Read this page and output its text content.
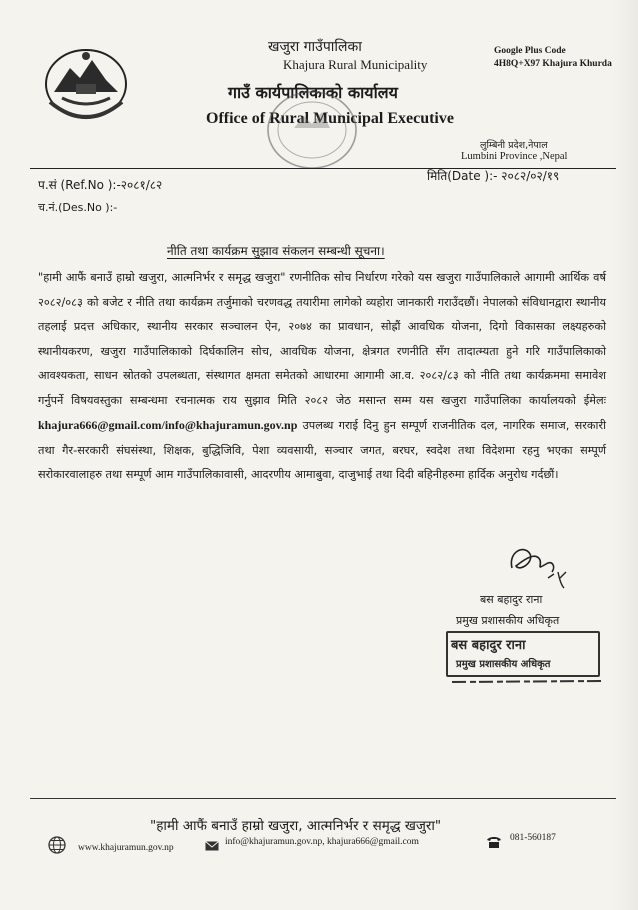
खजुरा गाउँपालिका
Khajura Rural Municipality
गाउँ कार्यपालिकाको कार्यालय
Office of Rural Municipal Executive
Google Plus Code
4H8Q+X97 Khajura Khurda
लुम्बिनी प्रदेश,नेपाल
Lumbini Province ,Nepal
प.सं (Ref.No ):-२०८१/८२
च.नं.(Des.No ):-
मिति(Date ):- २०८२/०२/१९
नीति तथा कार्यक्रम सुझाव संकलन सम्बन्धी सूचना।
"हामी आफैं बनाउँ हाम्रो खजुरा, आत्मनिर्भर र समृद्ध खजुरा" रणनीतिक सोच निर्धारण गरेको यस खजुरा गाउँपालिकाले आगामी आर्थिक वर्ष २०८२/०८३ को बजेट र नीति तथा कार्यक्रम तर्जुमाको चरणवद्ध तयारीमा लागेको व्यहोरा जानकारी गराउँदछौं। नेपालको संविधानद्वारा स्थानीय तहलाई प्रदत्त अधिकार, स्थानीय सरकार सञ्चालन ऐन, २०७४ का प्रावधान, सोह्रौं आवधिक योजना, दिगो विकासका लक्ष्यहरुको स्थानीयकरण, खजुरा गाउँपालिकाको दिर्घकालिन सोच, आवधिक योजना, क्षेत्रगत रणनीति सँग तादात्म्यता हुने गरि गाउँपालिकाको आवश्यकता, साधन स्रोतको उपलब्धता, संस्थागत क्षमता समेतको आधारमा आगामी आ.व. २०८२/८३ को नीति तथा कार्यक्रममा समावेश गर्नुपर्ने विषयवस्तुका सम्बन्धमा रचनात्मक राय सुझाव मिति २०८२ जेठ मसान्त सम्म यस खजुरा गाउँपालिका कार्यालयको ईमेलः khajura666@gmail.com/info@khajuramun.gov.np उपलब्ध गराई दिनु हुन सम्पूर्ण राजनीतिक दल, नागरिक समाज, सरकारी तथा गैर-सरकारी संघसंस्था, शिक्षक, बुद्धिजिवि, पेशा व्यवसायी, सञ्चार जगत, बरघर, स्वदेश तथा विदेशमा रहनु भएका सम्पूर्ण सरोकारवालाहरु तथा सम्पूर्ण आम गाउँपालिकावासी, आदरणीय आमाबुवा, दाजुभाई तथा दिदी बहिनीहरुमा हार्दिक अनुरोध गर्दछौं।
बस बहादुर राना
प्रमुख प्रशासकीय अधिकृत
बस बहादुर राना
प्रमुख प्रशासकीय अधिकृत
"हामी आफैं बनाउँ हाम्रो खजुरा, आत्मनिर्भर र समृद्ध खजुरा"
www.khajuramun.gov.np
info@khajuramun.gov.np, khajura666@gmail.com	081-560187
